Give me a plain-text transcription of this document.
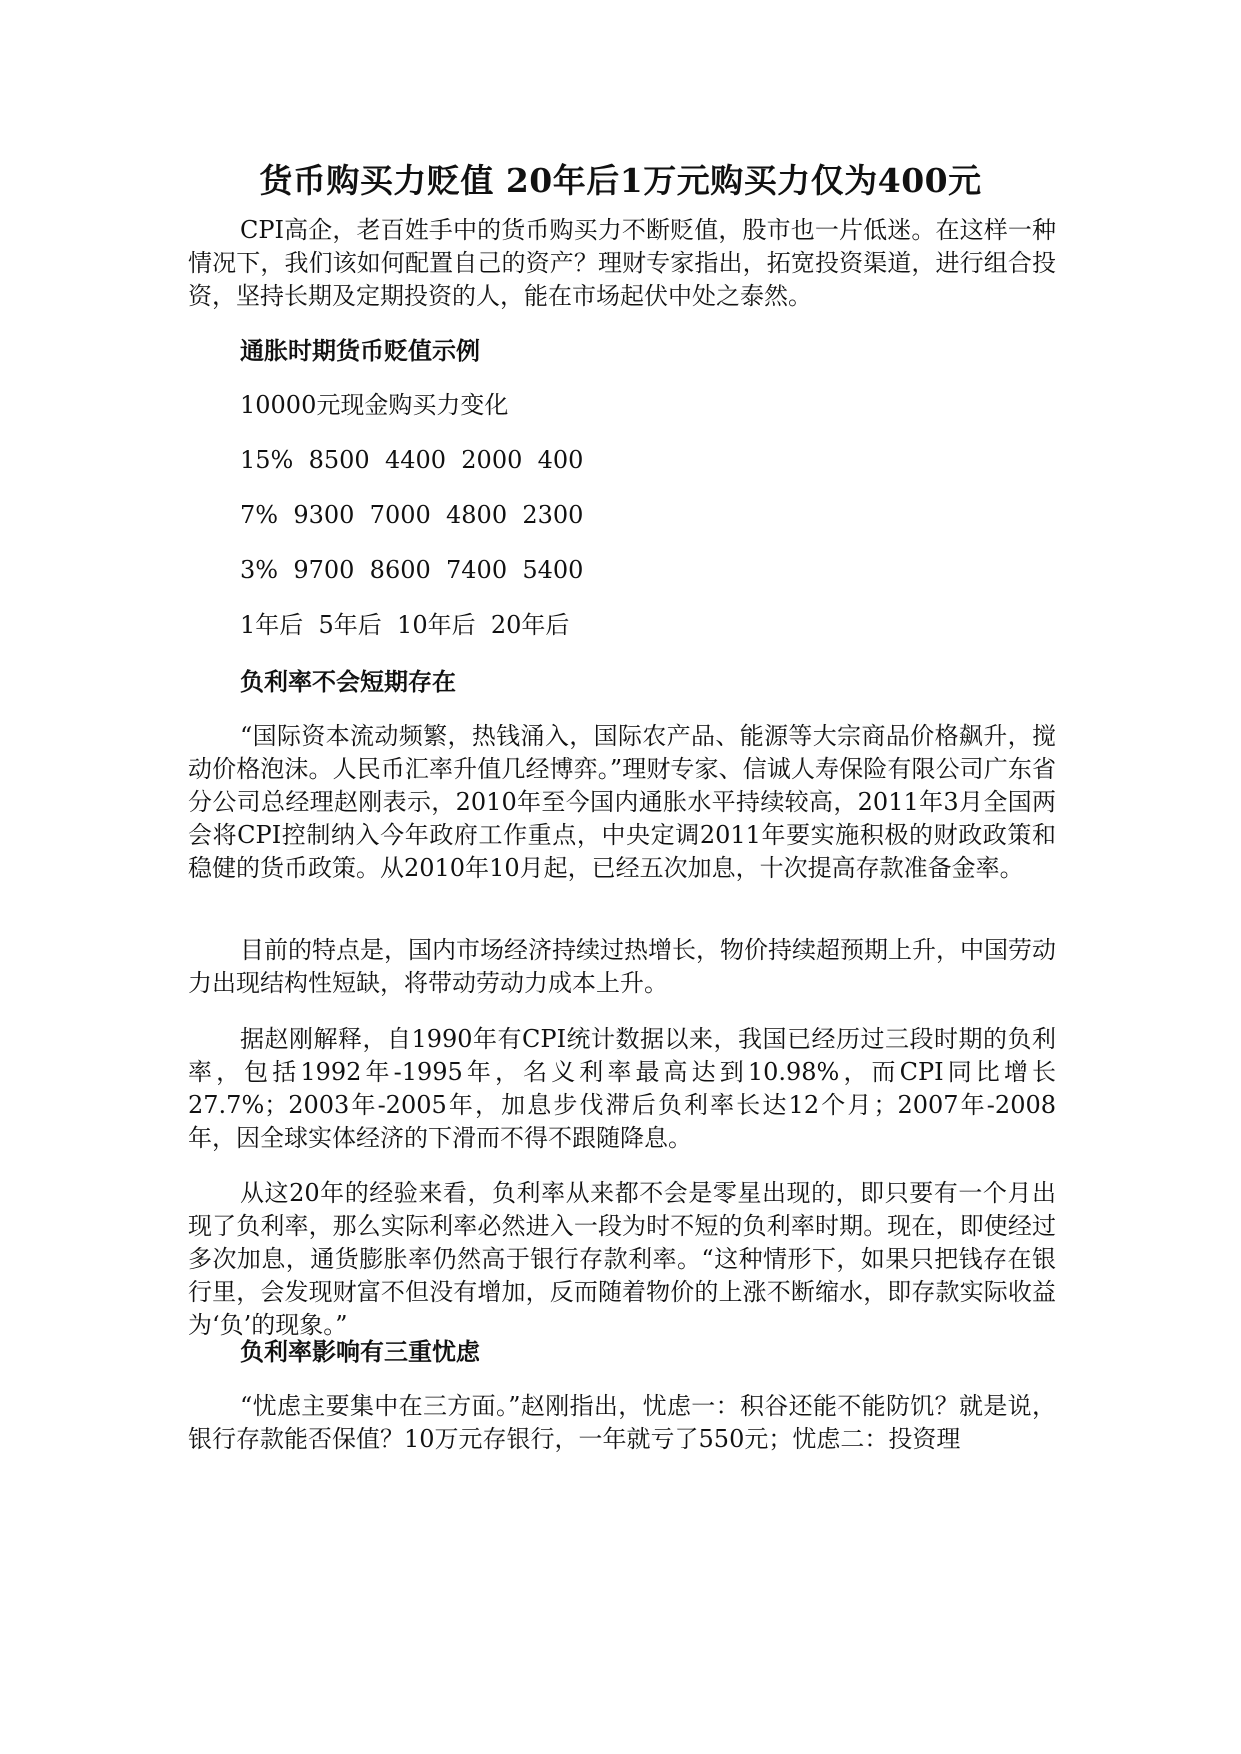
货币购买力贬值 20年后1万元购买力仅为400元

CPI高企，老百姓手中的货币购买力不断贬值，股市也一片低迷。在这样一种情况下，我们该如何配置自己的资产？理财专家指出，拓宽投资渠道，进行组合投资，坚持长期及定期投资的人，能在市场起伏中处之泰然。

通胀时期货币贬值示例

10000元现金购买力变化

15%  8500  4400  2000  400

7%  9300  7000  4800  2300

3%  9700  8600  7400  5400

1年后  5年后  10年后  20年后

负利率不会短期存在

“国际资本流动频繁，热钱涌入，国际农产品、能源等大宗商品价格飙升，搅动价格泡沫。人民币汇率升值几经博弈。”理财专家、信诚人寿保险有限公司广东省分公司总经理赵刚表示，2010年至今国内通胀水平持续较高，2011年3月全国两会将CPI控制纳入今年政府工作重点，中央定调2011年要实施积极的财政政策和稳健的货币政策。从2010年10月起，已经五次加息，十次提高存款准备金率。

目前的特点是，国内市场经济持续过热增长，物价持续超预期上升，中国劳动力出现结构性短缺，将带动劳动力成本上升。

据赵刚解释，自1990年有CPI统计数据以来，我国已经历过三段时期的负利率，包括1992年-1995年，名义利率最高达到10.98%，而CPI同比增长27.7%；2003年-2005年，加息步伐滞后负利率长达12个月；2007年-2008年，因全球实体经济的下滑而不得不跟随降息。

从这20年的经验来看，负利率从来都不会是零星出现的，即只要有一个月出现了负利率，那么实际利率必然进入一段为时不短的负利率时期。现在，即使经过多次加息，通货膨胀率仍然高于银行存款利率。“这种情形下，如果只把钱存在银行里，会发现财富不但没有增加，反而随着物价的上涨不断缩水，即存款实际收益为‘负’的现象。”

负利率影响有三重忧虑

“忧虑主要集中在三方面。”赵刚指出，忧虑一：积谷还能不能防饥？就是说，银行存款能否保值？10万元存银行，一年就亏了550元；忧虑二：投资理
